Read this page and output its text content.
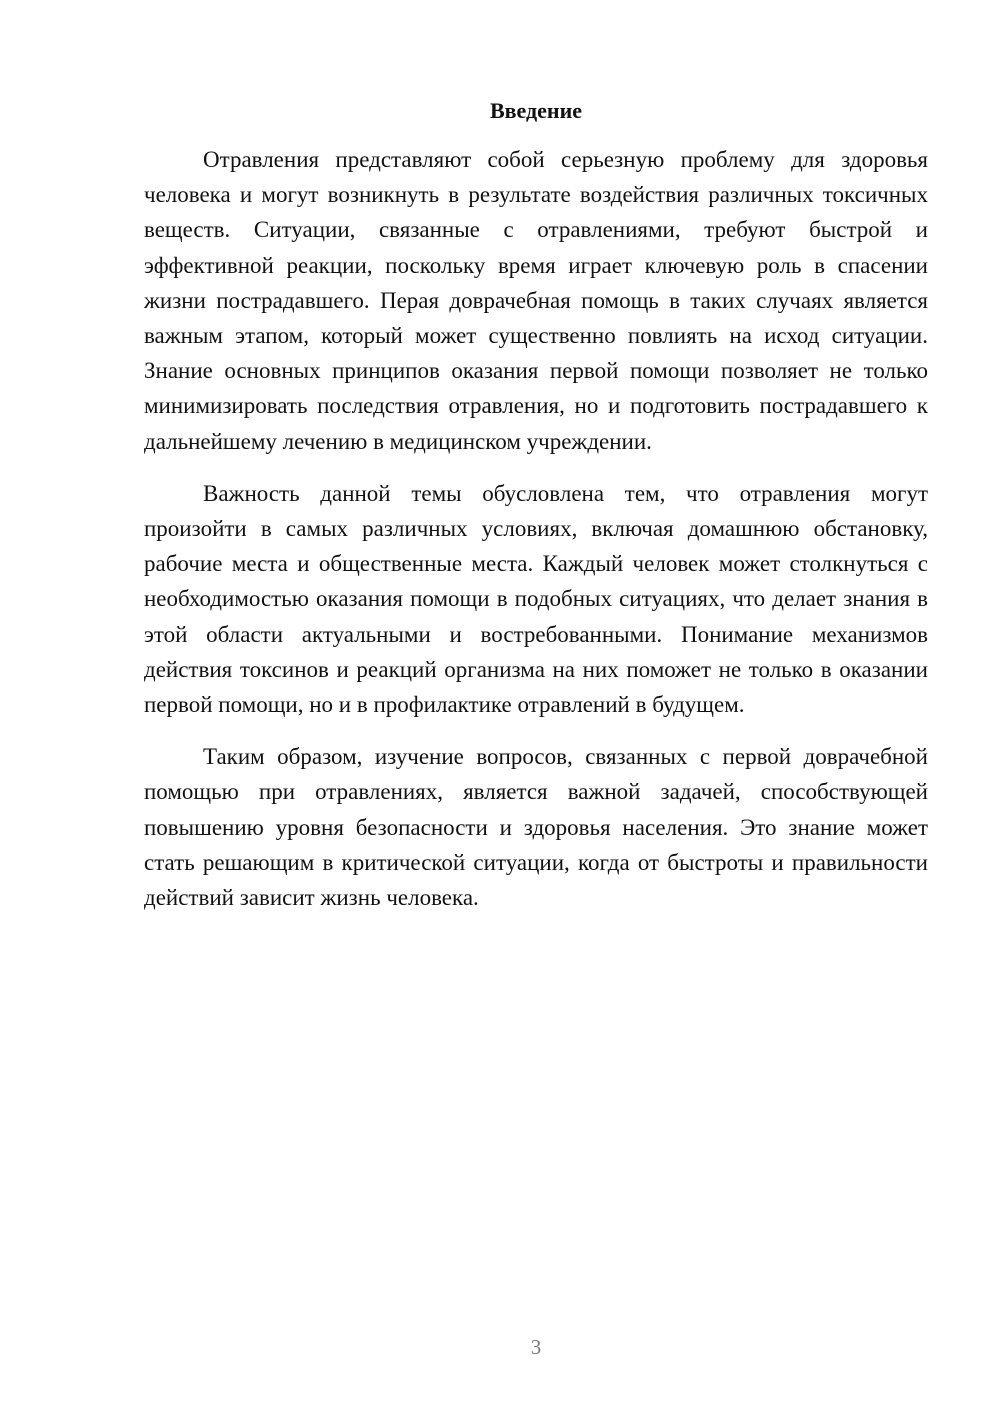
Введение

Отравления представляют собой серьезную проблему для здоровья человека и могут возникнуть в результате воздействия различных токсичных веществ. Ситуации, связанные с отравлениями, требуют быстрой и эффективной реакции, поскольку время играет ключевую роль в спасении жизни пострадавшего. Перая доврачебная помощь в таких случаях является важным этапом, который может существенно повлиять на исход ситуации. Знание основных принципов оказания первой помощи позволяет не только минимизировать последствия отравления, но и подготовить пострадавшего к дальнейшему лечению в медицинском учреждении.

Важность данной темы обусловлена тем, что отравления могут произойти в самых различных условиях, включая домашнюю обстановку, рабочие места и общественные места. Каждый человек может столкнуться с необходимостью оказания помощи в подобных ситуациях, что делает знания в этой области актуальными и востребованными. Понимание механизмов действия токсинов и реакций организма на них поможет не только в оказании первой помощи, но и в профилактике отравлений в будущем.

Таким образом, изучение вопросов, связанных с первой доврачебной помощью при отравлениях, является важной задачей, способствующей повышению уровня безопасности и здоровья населения. Это знание может стать решающим в критической ситуации, когда от быстроты и правильности действий зависит жизнь человека.

3
